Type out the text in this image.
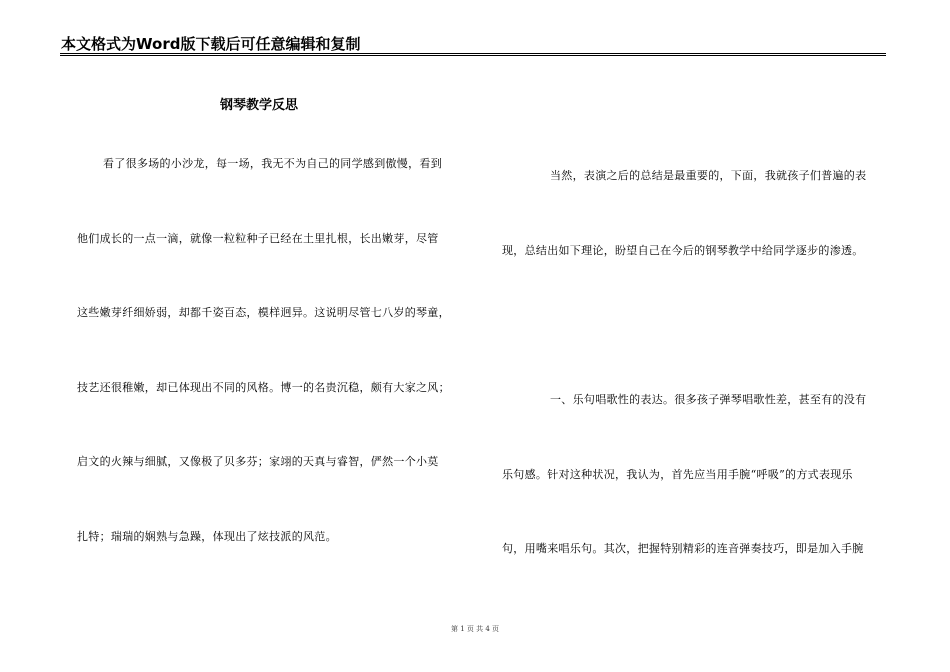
本文格式为Word版下载后可任意编辑和复制
钢琴教学反思
看了很多场的小沙龙，每一场，我无不为自己的同学感到傲慢，看到
他们成长的一点一滴，就像一粒粒种子已经在土里扎根，长出嫩芽，尽管
这些嫩芽纤细娇弱，却都千姿百态，模样迥异。这说明尽管七八岁的琴童，
技艺还很稚嫩，却已体现出不同的风格。博一的名贵沉稳，颇有大家之风；
启文的火辣与细腻，又像极了贝多芬；家翊的天真与睿智，俨然一个小莫
扎特；瑞瑞的娴熟与急躁，体现出了炫技派的风范。
当然，表演之后的总结是最重要的，下面，我就孩子们普遍的表
现，总结出如下理论，盼望自己在今后的钢琴教学中给同学逐步的渗透。
一、乐句唱歌性的表达。很多孩子弹琴唱歌性差，甚至有的没有
乐句感。针对这种状况，我认为，首先应当用手腕“呼吸”的方式表现乐
句，用嘴来唱乐句。其次，把握特别精彩的连音弹奏技巧，即是加入手腕
第 1 页 共 4 页
